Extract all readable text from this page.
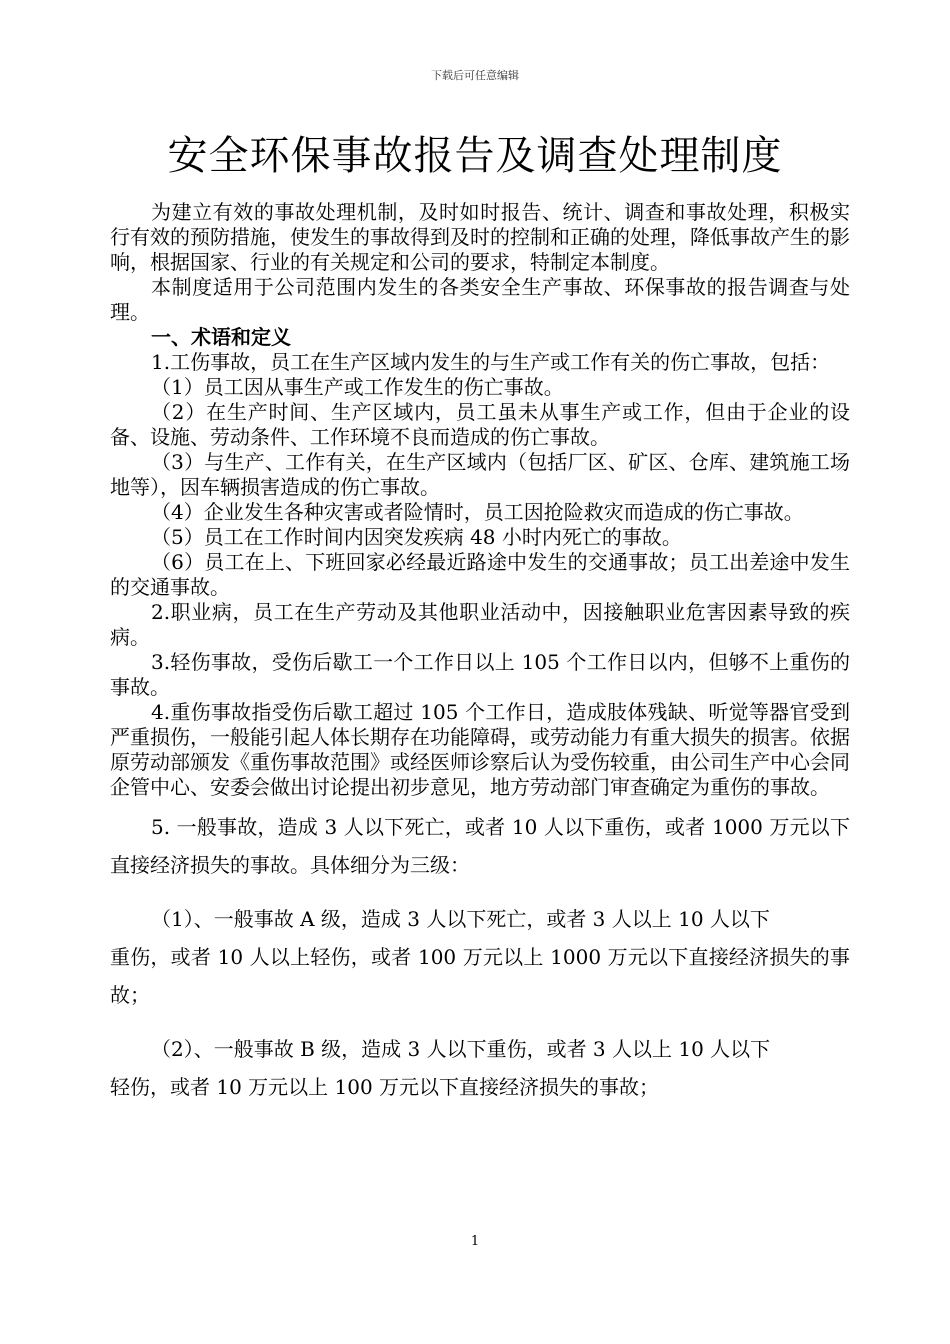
下载后可任意编辑
安全环保事故报告及调查处理制度

为建立有效的事故处理机制，及时如时报告、统计、调查和事故处理，积极实行有效的预防措施，使发生的事故得到及时的控制和正确的处理，降低事故产生的影响，根据国家、行业的有关规定和公司的要求，特制定本制度。

本制度适用于公司范围内发生的各类安全生产事故、环保事故的报告调查与处理。

一、术语和定义

1.工伤事故，员工在生产区域内发生的与生产或工作有关的伤亡事故，包括：

（1）员工因从事生产或工作发生的伤亡事故。

（2）在生产时间、生产区域内，员工虽未从事生产或工作，但由于企业的设备、设施、劳动条件、工作环境不良而造成的伤亡事故。

（3）与生产、工作有关，在生产区域内（包括厂区、矿区、仓库、建筑施工场地等），因车辆损害造成的伤亡事故。

（4）企业发生各种灾害或者险情时，员工因抢险救灾而造成的伤亡事故。

（5）员工在工作时间内因突发疾病 48 小时内死亡的事故。

（6）员工在上、下班回家必经最近路途中发生的交通事故；员工出差途中发生的交通事故。

2.职业病，员工在生产劳动及其他职业活动中，因接触职业危害因素导致的疾病。

3.轻伤事故，受伤后歇工一个工作日以上 105 个工作日以内，但够不上重伤的事故。

4.重伤事故指受伤后歇工超过 105 个工作日，造成肢体残缺、听觉等器官受到严重损伤，一般能引起人体长期存在功能障碍，或劳动能力有重大损失的损害。依据原劳动部颁发《重伤事故范围》或经医师诊察后认为受伤较重，由公司生产中心会同企管中心、安委会做出讨论提出初步意见，地方劳动部门审查确定为重伤的事故。

5. 一般事故，造成 3 人以下死亡，或者 10 人以下重伤，或者 1000 万元以下直接经济损失的事故。具体细分为三级：

（1）、一般事故 A 级，造成 3 人以下死亡，或者 3 人以上 10 人以下

重伤，或者 10 人以上轻伤，或者 100 万元以上 1000 万元以下直接经济损失的事故；

（2）、一般事故 B 级，造成 3 人以下重伤，或者 3 人以上 10 人以下

轻伤，或者 10 万元以上 100 万元以下直接经济损失的事故；

1
